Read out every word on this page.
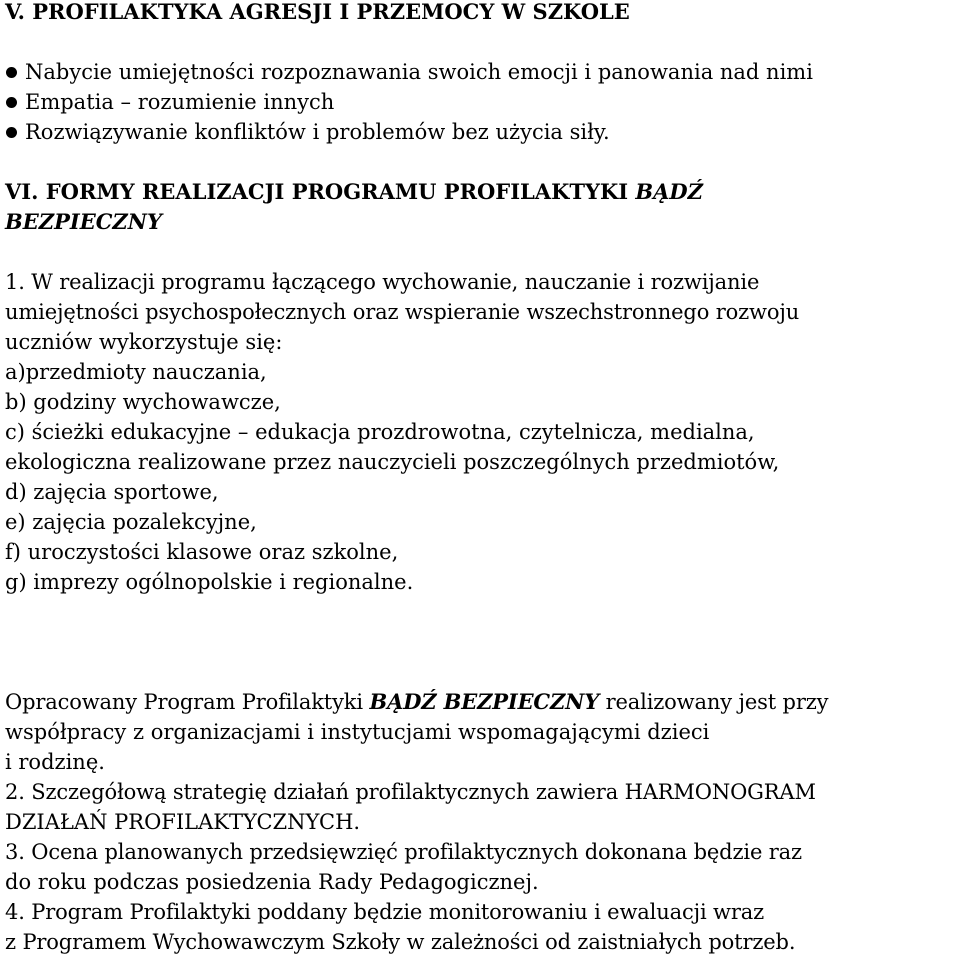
V. PROFILAKTYKA AGRESJI I PRZEMOCY W SZKOLE
Nabycie umiejętności rozpoznawania swoich emocji i panowania nad nimi
Empatia – rozumienie innych
Rozwiązywanie konfliktów i problemów bez użycia siły.
VI. FORMY REALIZACJI PROGRAMU PROFILAKTYKI BĄDŹ
BEZPIECZNY
1. W realizacji programu łączącego wychowanie, nauczanie i rozwijanie
umiejętności psychospołecznych oraz wspieranie wszechstronnego rozwoju
uczniów wykorzystuje się:
a)przedmioty nauczania,
b) godziny wychowawcze,
c) ścieżki edukacyjne – edukacja prozdrowotna, czytelnicza, medialna,
ekologiczna realizowane przez nauczycieli poszczególnych przedmiotów,
d) zajęcia sportowe,
e) zajęcia pozalekcyjne,
f) uroczystości klasowe oraz szkolne,
g) imprezy ogólnopolskie i regionalne.
Opracowany Program Profilaktyki BĄDŹ BEZPIECZNY realizowany jest przy
współpracy z organizacjami i instytucjami wspomagającymi dzieci
i rodzinę.
2. Szczegółową strategię działań profilaktycznych zawiera HARMONOGRAM
DZIAŁAŃ PROFILAKTYCZNYCH.
3. Ocena planowanych przedsięwzięć profilaktycznych dokonana będzie raz
do roku podczas posiedzenia Rady Pedagogicznej.
4. Program Profilaktyki poddany będzie monitorowaniu i ewaluacji wraz
z Programem Wychowawczym Szkoły w zależności od zaistniałych potrzeb.
